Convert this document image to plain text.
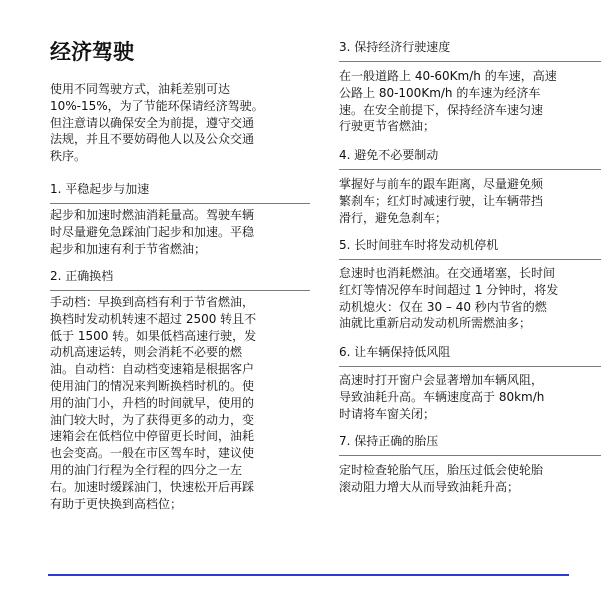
经济驾驶

使用不同驾驶方式，油耗差别可达
10%-15%，为了节能环保请经济驾驶。
但注意请以确保安全为前提，遵守交通
法规，并且不要妨碍他人以及公众交通
秩序。

1. 平稳起步与加速

起步和加速时燃油消耗量高。驾驶车辆
时尽量避免急踩油门起步和加速。平稳
起步和加速有利于节省燃油；

2. 正确换档

手动档：早换到高档有利于节省燃油，
换档时发动机转速不超过 2500 转且不
低于 1500 转。如果低档高速行驶，发
动机高速运转，则会消耗不必要的燃
油。自动档：自动档变速箱是根据客户
使用油门的情况来判断换档时机的。使
用的油门小，升档的时间就早，使用的
油门较大时，为了获得更多的动力，变
速箱会在低档位中停留更长时间，油耗
也会变高。一般在市区驾车时，建议使
用的油门行程为全行程的四分之一左
右。加速时缓踩油门，快速松开后再踩
有助于更快换到高档位；

3. 保持经济行驶速度

在一般道路上 40-60Km/h 的车速，高速
公路上 80-100Km/h 的车速为经济车
速。在安全前提下，保持经济车速匀速
行驶更节省燃油；

4. 避免不必要制动

掌握好与前车的跟车距离，尽量避免频
繁刹车；红灯时减速行驶，让车辆带挡
滑行，避免急刹车；

5. 长时间驻车时将发动机停机

怠速时也消耗燃油。在交通堵塞，长时间
红灯等情况停车时间超过 1 分钟时，将发
动机熄火：仅在 30 – 40 秒内节省的燃
油就比重新启动发动机所需燃油多；

6. 让车辆保持低风阻

高速时打开窗户会显著增加车辆风阻，
导致油耗升高。车辆速度高于 80km/h
时请将车窗关闭；

7. 保持正确的胎压

定时检查轮胎气压，胎压过低会使轮胎
滚动阻力增大从而导致油耗升高；
